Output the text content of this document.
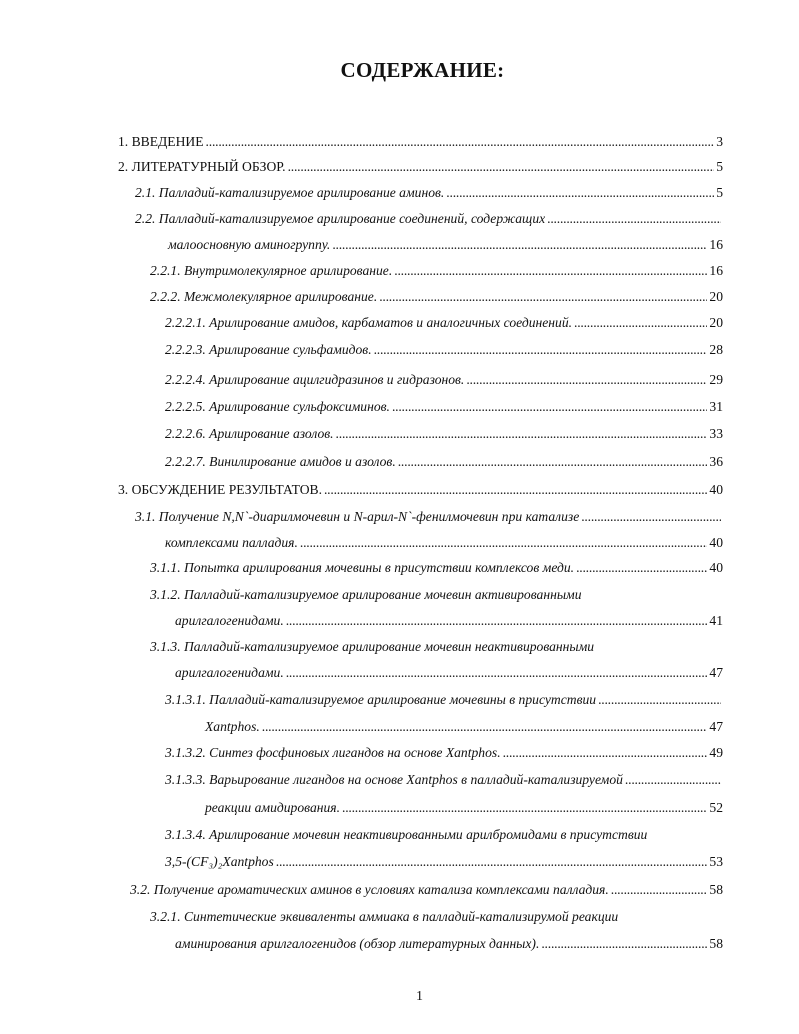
СОДЕРЖАНИЕ:
1. ВВЕДЕНИЕ . . .	3
2. ЛИТЕРАТУРНЫЙ ОБЗОР. . . .	5
2.1. Палладий-катализируемое арилирование аминов. . . .	5
2.2. Палладий-катализируемое арилирование соединений, содержащих
. . .
малоосновную аминогруппу. . . .	16
2.2.1. Внутримолекулярное арилирование. . . .	16
2.2.2. Межмолекулярное арилирование. . . .	20
2.2.2.1. Арилирование амидов, карбаматов и аналогичных соединений. . . .	20
2.2.2.3. Арилирование сульфамидов. . . .	28
2.2.2.4. Арилирование ацилгидразинов и гидразонов. . . .	29
2.2.2.5. Арилирование сульфоксиминов. . . .	31
2.2.2.6. Арилирование азолов. . . .	33
2.2.2.7. Винилирование амидов и азолов. . . .	36
3. ОБСУЖДЕНИЕ РЕЗУЛЬТАТОВ. . . .	40
3.1. Получение N,N`-диарилмочевин и N-арил-N`-фенилмочевин при катализе
. . .
комплексами палладия. . . .	40
3.1.1. Попытка арилирования мочевины в присутствии комплексов меди. . . .	40
3.1.2. Палладий-катализируемое арилирование мочевин активированными
арилгалогенидами. . . .	41
3.1.3. Палладий-катализируемое арилирование мочевин неактивированными
арилгалогенидами. . . .	47
3.1.3.1. Палладий-катализируемое арилирование мочевины в присутствии
. . .
Xantphos. . . .	47
3.1.3.2. Синтез фосфиновых лигандов на основе Xantphos. . . .	49
3.1.3.3. Варьирование лигандов на основе Xantphos в палладий-катализируемой
. . .
реакции амидирования. . . .	52
3.1.3.4. Арилирование мочевин неактивированными арилбромидами в присутствии
3,5-(CF₃)₂Xantphos . . .	53
3.2. Получение ароматических аминов в условиях катализа комплексами палладия. . . .	58
3.2.1. Синтетические эквиваленты аммиака в палладий-катализирумой реакции
аминирования арилгалогенидов (обзор литературных данных). . . .	58
1
